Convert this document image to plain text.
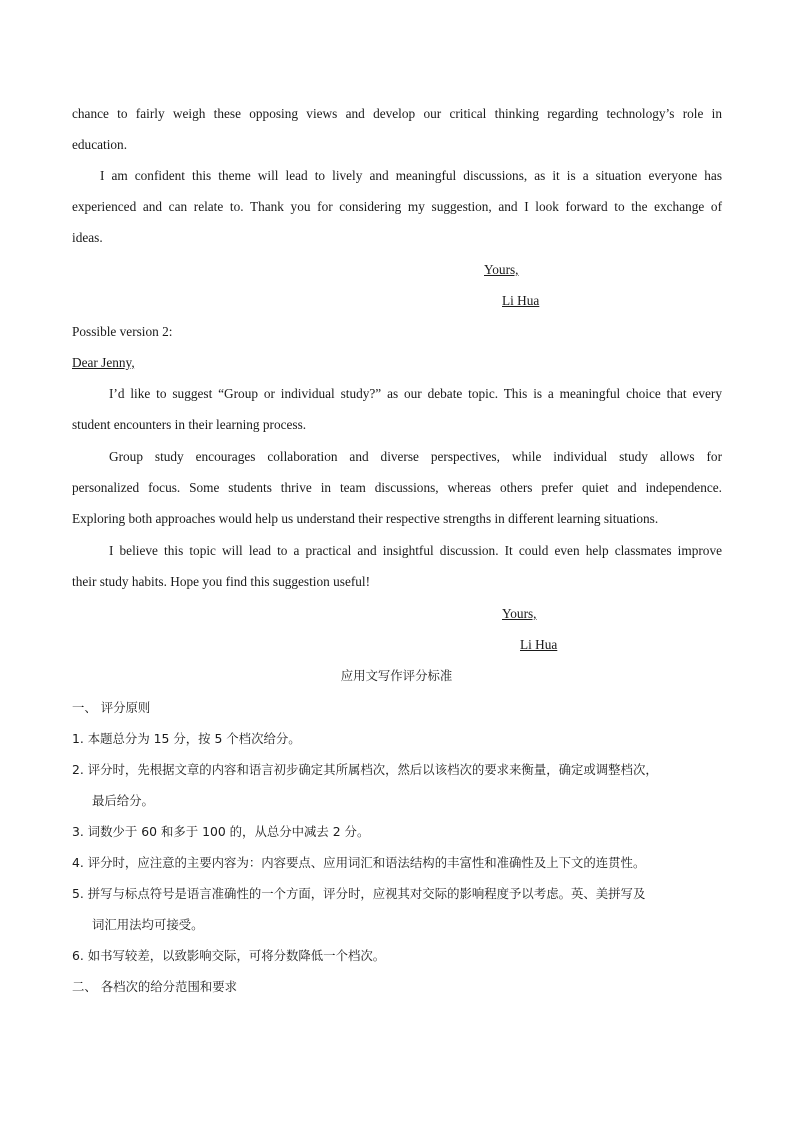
chance to fairly weigh these opposing views and develop our critical thinking regarding technology’s role in
education.
I am confident this theme will lead to lively and meaningful discussions, as it is a situation everyone has
experienced and can relate to. Thank you for considering my suggestion, and I look forward to the exchange of
ideas.
Yours,
Li Hua
Possible version 2:
Dear Jenny,
I’d like to suggest “Group or individual study?” as our debate topic. This is a meaningful choice that every
student encounters in their learning process.
Group study encourages collaboration and diverse perspectives, while individual study allows for
personalized focus. Some students thrive in team discussions, whereas others prefer quiet and independence.
Exploring both approaches would help us understand their respective strengths in different learning situations.
I believe this topic will lead to a practical and insightful discussion. It could even help classmates improve
their study habits. Hope you find this suggestion useful!
Yours,
Li Hua
应用文写作评分标准
一、 评分原则
1. 本题总分为 15 分，按 5 个档次给分。
2. 评分时，先根据文章的内容和语言初步确定其所属档次，然后以该档次的要求来衡量，确定或调整档次，
最后给分。
3. 词数少于 60 和多于 100 的，从总分中减去 2 分。
4. 评分时，应注意的主要内容为：内容要点、应用词汇和语法结构的丰富性和准确性及上下文的连贯性。
5. 拼写与标点符号是语言准确性的一个方面，评分时，应视其对交际的影响程度予以考虑。英、美拼写及
词汇用法均可接受。
6. 如书写较差，以致影响交际，可将分数降低一个档次。
二、 各档次的给分范围和要求
